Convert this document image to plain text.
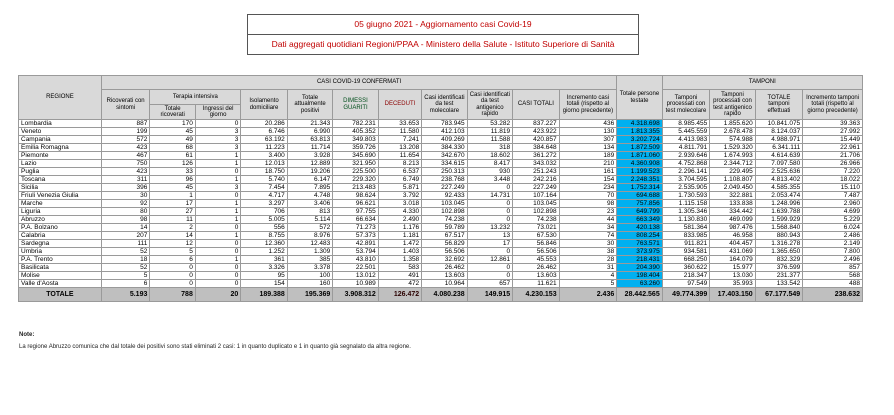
05 giugno 2021 - Aggiornamento casi Covid-19
Dati aggregati quotidiani Regioni/PPAA - Ministero della Salute - Istituto Superiore di Sanità
REGIONE	CASI COVID-19 CONFERMATI											Totale persone testate	TAMPONI			
	Ricoverati con sintomi	Terapia intensiva		Isolamento domiciliare	Totale attualmente positivi	DIMESSI GUARITI	DECEDUTI	Casi identificati da test molecolare	Casi identificati da test antigenico rapido	CASI TOTALI	Incremento casi totali (rispetto al giorno precedente)		Tamponi processati con test molecolare	Tamponi processati con test antigenico rapido	TOTALE tamponi effettuati	Incremento tamponi totali (rispetto al giorno precedente)
		Totale ricoverati	Ingressi del giorno													
Lombardia	887	170	0	20.286	21.343	782.231	33.653	783.945	53.282	837.227	436	4.318.698	8.985.455	1.855.620	10.841.075	39.363
Veneto	199	45	3	6.746	6.990	405.352	11.580	412.103	11.819	423.922	130	1.813.355	5.445.559	2.678.478	8.124.037	27.992
Campania	572	49	3	63.192	63.813	349.803	7.241	409.269	11.588	420.857	307	3.202.724	4.413.983	574.988	4.988.971	15.449
Emilia Romagna	423	68	3	11.223	11.714	359.726	13.208	384.330	318	384.648	134	1.872.509	4.811.791	1.529.320	6.341.111	22.961
Piemonte	467	61	1	3.400	3.928	345.690	11.654	342.670	18.602	361.272	189	1.871.060	2.939.646	1.674.993	4.614.639	21.706
Lazio	750	126	1	12.013	12.889	321.950	8.213	334.615	8.417	343.032	210	4.360.908	4.752.868	2.344.712	7.097.580	26.966
Puglia	423	33	0	18.750	19.206	225.500	6.537	250.313	930	251.243	161	1.199.523	2.296.141	229.495	2.525.636	7.220
Toscana	311	96	1	5.740	6.147	229.320	6.749	238.768	3.448	242.216	154	2.248.351	3.704.595	1.108.807	4.813.402	18.022
Sicilia	396	45	3	7.454	7.895	213.483	5.871	227.249	0	227.249	234	1.752.314	2.535.905	2.049.450	4.585.355	15.110
Friuli Venezia Giulia	30	1	0	4.717	4.748	98.624	3.792	92.433	14.731	107.164	70	694.688	1.730.593	322.881	2.053.474	7.487
Marche	92	17	1	3.297	3.406	96.621	3.018	103.045	0	103.045	98	757.856	1.115.158	133.838	1.248.996	2.960
Liguria	80	27	1	706	813	97.755	4.330	102.898	0	102.898	23	649.799	1.305.346	334.442	1.639.788	4.699
Abruzzo	98	11	1	5.005	5.114	66.634	2.490	74.238	0	74.238	44	663.349	1.130.830	469.099	1.599.929	5.229
P.A. Bolzano	14	2	0	556	572	71.273	1.176	59.789	13.232	73.021	34	420.138	581.364	987.476	1.568.840	6.024
Calabria	207	14	1	8.755	8.976	57.373	1.181	67.517	13	67.530	74	808.254	833.985	46.958	880.943	2.486
Sardegna	111	12	0	12.360	12.483	42.891	1.472	56.829	17	56.846	30	763.571	911.821	404.457	1.316.278	2.149
Umbria	52	5	0	1.252	1.309	53.794	1.403	56.506	0	56.506	38	373.975	934.581	431.069	1.365.650	7.800
P.A. Trento	18	6	1	361	385	43.810	1.358	32.692	12.861	45.553	28	218.431	668.250	164.079	832.329	2.496
Basilicata	52	0	0	3.326	3.378	22.501	583	26.462	0	26.462	31	204.390	360.622	15.977	376.599	857
Molise	5	0	0	95	100	13.012	491	13.603	0	13.603	4	198.404	218.347	13.030	231.377	568
Valle d'Aosta	6	0	0	154	160	10.989	472	10.964	657	11.621	5	63.260	97.549	35.993	133.542	488
TOTALE	5.193	788	20	189.388	195.369	3.908.312	126.472	4.080.238	149.915	4.230.153	2.436	28.442.565	49.774.399	17.403.150	67.177.549	238.632
Note:
La regione Abruzzo comunica che dal totale dei positivi sono stati eliminati 2 casi: 1 in quanto duplicato e 1 in quanto già segnalato da altra regione.
